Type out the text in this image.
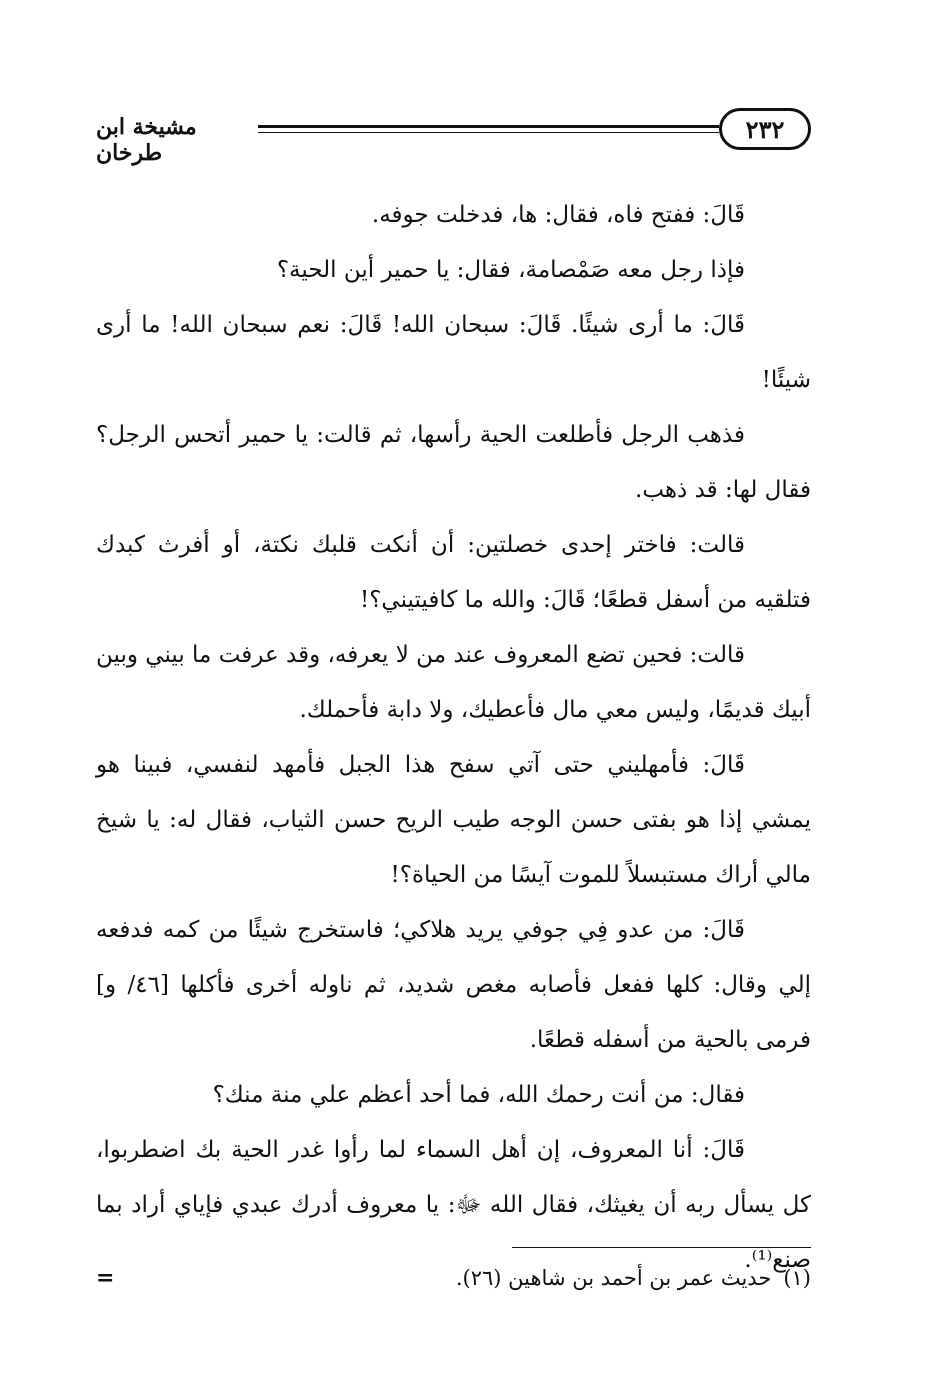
٢٣٢
مشيخة ابن طرخان

قَالَ: ففتح فاه، فقال: ها، فدخلت جوفه.

فإذا رجل معه صَمْصامة، فقال: يا حمير أين الحية؟

قَالَ: ما أرى شيئًا. قَالَ: سبحان الله! قَالَ: نعم سبحان الله! ما أرى شيئًا!

فذهب الرجل فأطلعت الحية رأسها، ثم قالت: يا حمير أتحس الرجل؟ فقال لها: قد ذهب.

قالت: فاختر إحدى خصلتين: أن أنكت قلبك نكتة، أو أفرث كبدك فتلقيه من أسفل قطعًا؛ قَالَ: والله ما كافيتيني؟!

قالت: فحين تضع المعروف عند من لا يعرفه، وقد عرفت ما بيني وبين أبيك قديمًا، وليس معي مال فأعطيك، ولا دابة فأحملك.

قَالَ: فأمهليني حتى آتي سفح هذا الجبل فأمهد لنفسي، فبينا هو يمشي إذا هو بفتى حسن الوجه طيب الريح حسن الثياب، فقال له: يا شيخ مالي أراك مستبسلاً للموت آيسًا من الحياة؟!

قَالَ: من عدو فِي جوفي يريد هلاكي؛ فاستخرج شيئًا من كمه فدفعه إلي وقال: كلها ففعل فأصابه مغص شديد، ثم ناوله أخرى فأكلها [٤٦/ و] فرمى بالحية من أسفله قطعًا.

فقال: من أنت رحمك الله، فما أحد أعظم علي منة منك؟

قَالَ: أنا المعروف، إن أهل السماء لما رأوا غدر الحية بك اضطربوا، كل يسأل ربه أن يغيثك، فقال الله ﷻ: يا معروف أدرك عبدي فإياي أراد بما صنع⁽¹⁾.

(١)حديث عمر بن أحمد بن شاهين (٢٦).
=
